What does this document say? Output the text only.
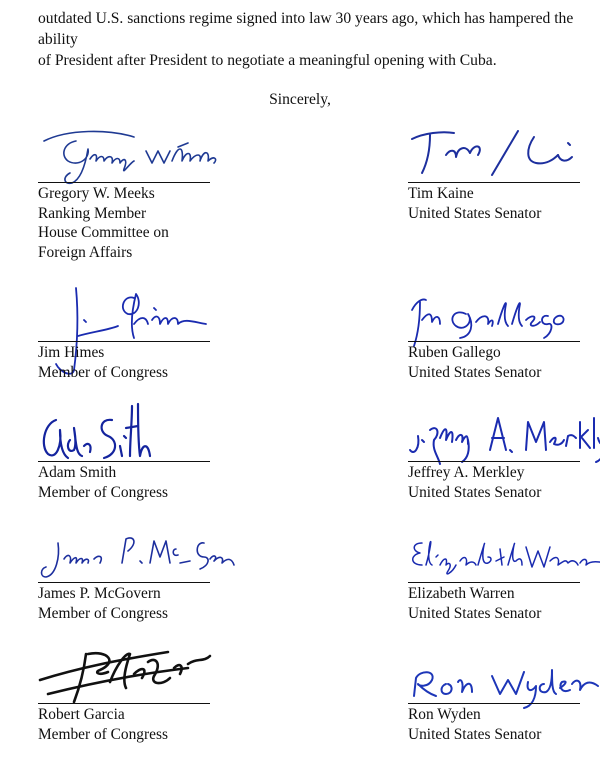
outdated U.S. sanctions regime signed into law 30 years ago, which has hampered the ability
of President after President to negotiate a meaningful opening with Cuba.

Sincerely,
Gregory W. Meeks
Ranking Member
House Committee on
Foreign Affairs
Tim Kaine
United States Senator
Jim Himes
Member of Congress
Ruben Gallego
United States Senator
Adam Smith
Member of Congress
Jeffrey A. Merkley
United States Senator
James P. McGovern
Member of Congress
Elizabeth Warren
United States Senator
Robert Garcia
Member of Congress
Ron Wyden
United States Senator
